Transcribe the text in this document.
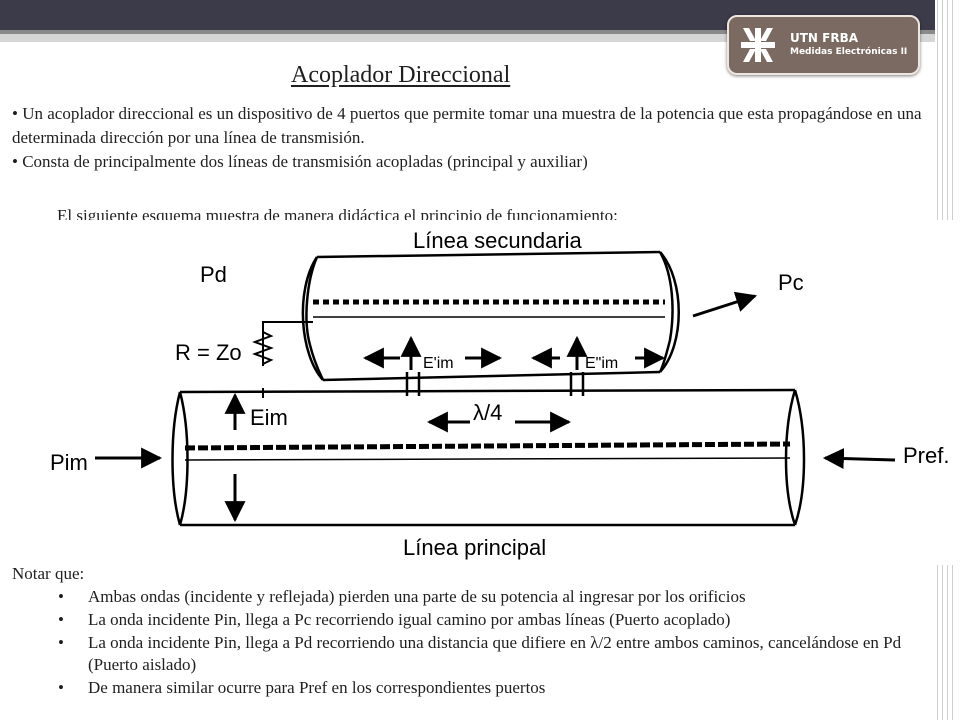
UTN FRBA
Medidas Electrónicas II
Acoplador Direccional

• Un acoplador direccional es un dispositivo de 4 puertos que permite tomar una muestra de la potencia que esta propagándose en una determinada dirección por una línea de transmisión.

• Consta de principalmente dos líneas de transmisión acopladas (principal y auxiliar)

El siguiente esquema muestra de manera didáctica el principio de funcionamiento:
Línea secundaria
Línea principal
Pd	Pc
R = Zo
Eim
Pim	Pref.
λ/4
E'im	E"im
Notar que:
• Ambas ondas (incidente y reflejada) pierden una parte de su potencia al ingresar por los orificios
• La onda incidente Pin, llega a Pc recorriendo igual camino por ambas líneas (Puerto acoplado)
• La onda incidente Pin, llega a Pd recorriendo una distancia que difiere en λ/2 entre ambos caminos, cancelándose en Pd (Puerto aislado)
• De manera similar ocurre para Pref en los correspondientes puertos
